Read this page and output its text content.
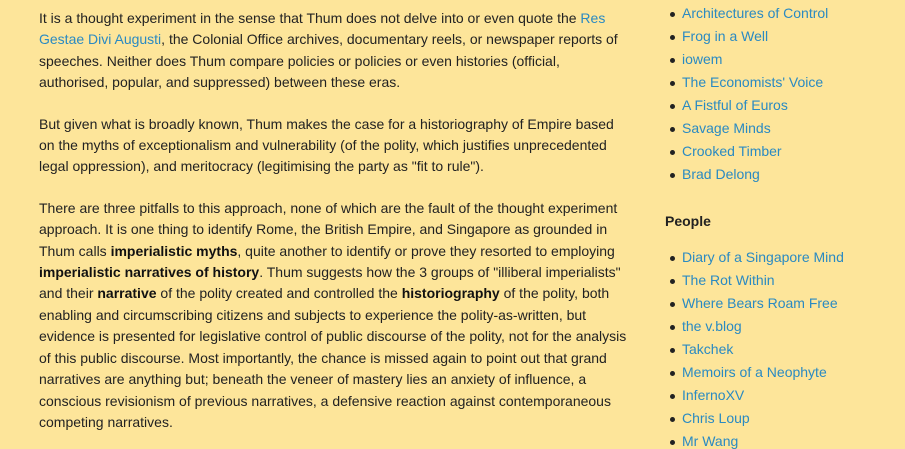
It is a thought experiment in the sense that Thum does not delve into or even quote the Res Gestae Divi Augusti, the Colonial Office archives, documentary reels, or newspaper reports of speeches. Neither does Thum compare policies or policies or even histories (official, authorised, popular, and suppressed) between these eras.

But given what is broadly known, Thum makes the case for a historiography of Empire based on the myths of exceptionalism and vulnerability (of the polity, which justifies unprecedented legal oppression), and meritocracy (legitimising the party as "fit to rule").

There are three pitfalls to this approach, none of which are the fault of the thought experiment approach. It is one thing to identify Rome, the British Empire, and Singapore as grounded in Thum calls imperialistic myths, quite another to identify or prove they resorted to employing imperialistic narratives of history. Thum suggests how the 3 groups of "illiberal imperialists" and their narrative of the polity created and controlled the historiography of the polity, both enabling and circumscribing citizens and subjects to experience the polity-as-written, but evidence is presented for legislative control of public discourse of the polity, not for the analysis of this public discourse. Most importantly, the chance is missed again to point out that grand narratives are anything but; beneath the veneer of mastery lies an anxiety of influence, a conscious revisionism of previous narratives, a defensive reaction against contemporaneous competing narratives.

Architectures of Control
Frog in a Well
iowem
The Economists' Voice
A Fistful of Euros
Savage Minds
Crooked Timber
Brad Delong
People
Diary of a Singapore Mind
The Rot Within
Where Bears Roam Free
the v.blog
Takchek
Memoirs of a Neophyte
InfernoXV
Chris Loup
Mr Wang
